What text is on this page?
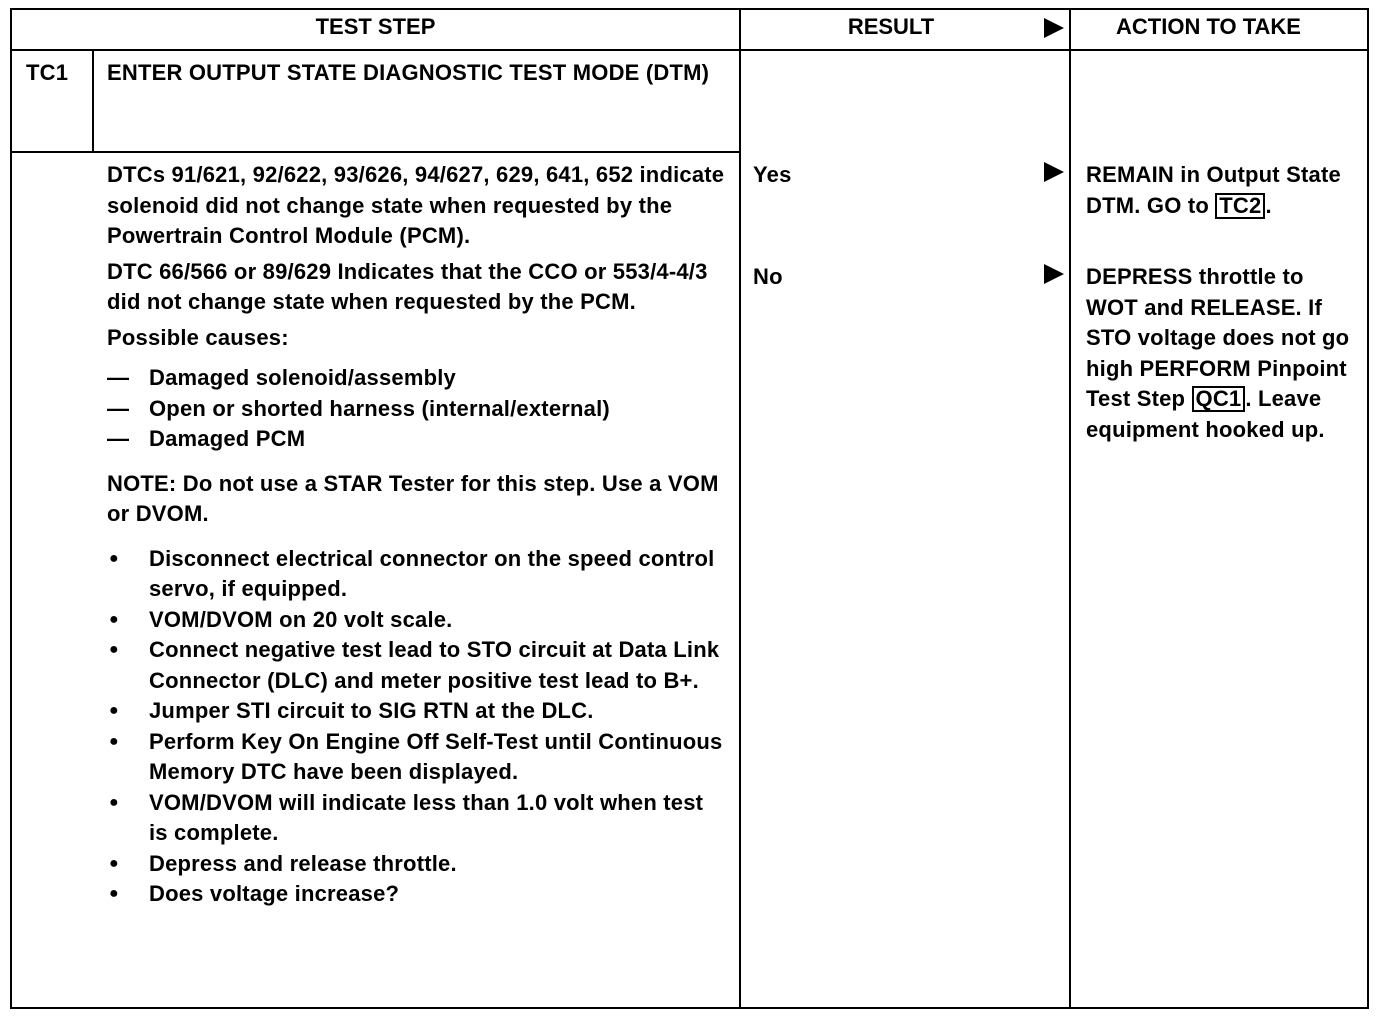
TEST STEP	RESULT	ACTION TO TAKE
TC1 ENTER OUTPUT STATE DIAGNOSTIC TEST MODE (DTM)

DTCs 91/621, 92/622, 93/626, 94/627, 629, 641, 652 indicate solenoid did not change state when requested by the Powertrain Control Module (PCM).

DTC 66/566 or 89/629 Indicates that the CCO or 553/4-4/3 did not change state when requested by the PCM.

Possible causes:

— Damaged solenoid/assembly
— Open or shorted harness (internal/external)
— Damaged PCM

NOTE: Do not use a STAR Tester for this step. Use a VOM or DVOM.

● Disconnect electrical connector on the speed control servo, if equipped.
● VOM/DVOM on 20 volt scale.
● Connect negative test lead to STO circuit at Data Link Connector (DLC) and meter positive test lead to B+.
● Jumper STI circuit to SIG RTN at the DLC.
● Perform Key On Engine Off Self-Test until Continuous Memory DTC have been displayed.
● VOM/DVOM will indicate less than 1.0 volt when test is complete.
● Depress and release throttle.
● Does voltage increase?
Yes	REMAIN in Output State DTM. GO to TC2 .
No	DEPRESS throttle to WOT and RELEASE. If STO voltage does not go high PERFORM Pinpoint Test Step QC1 . Leave equipment hooked up.
